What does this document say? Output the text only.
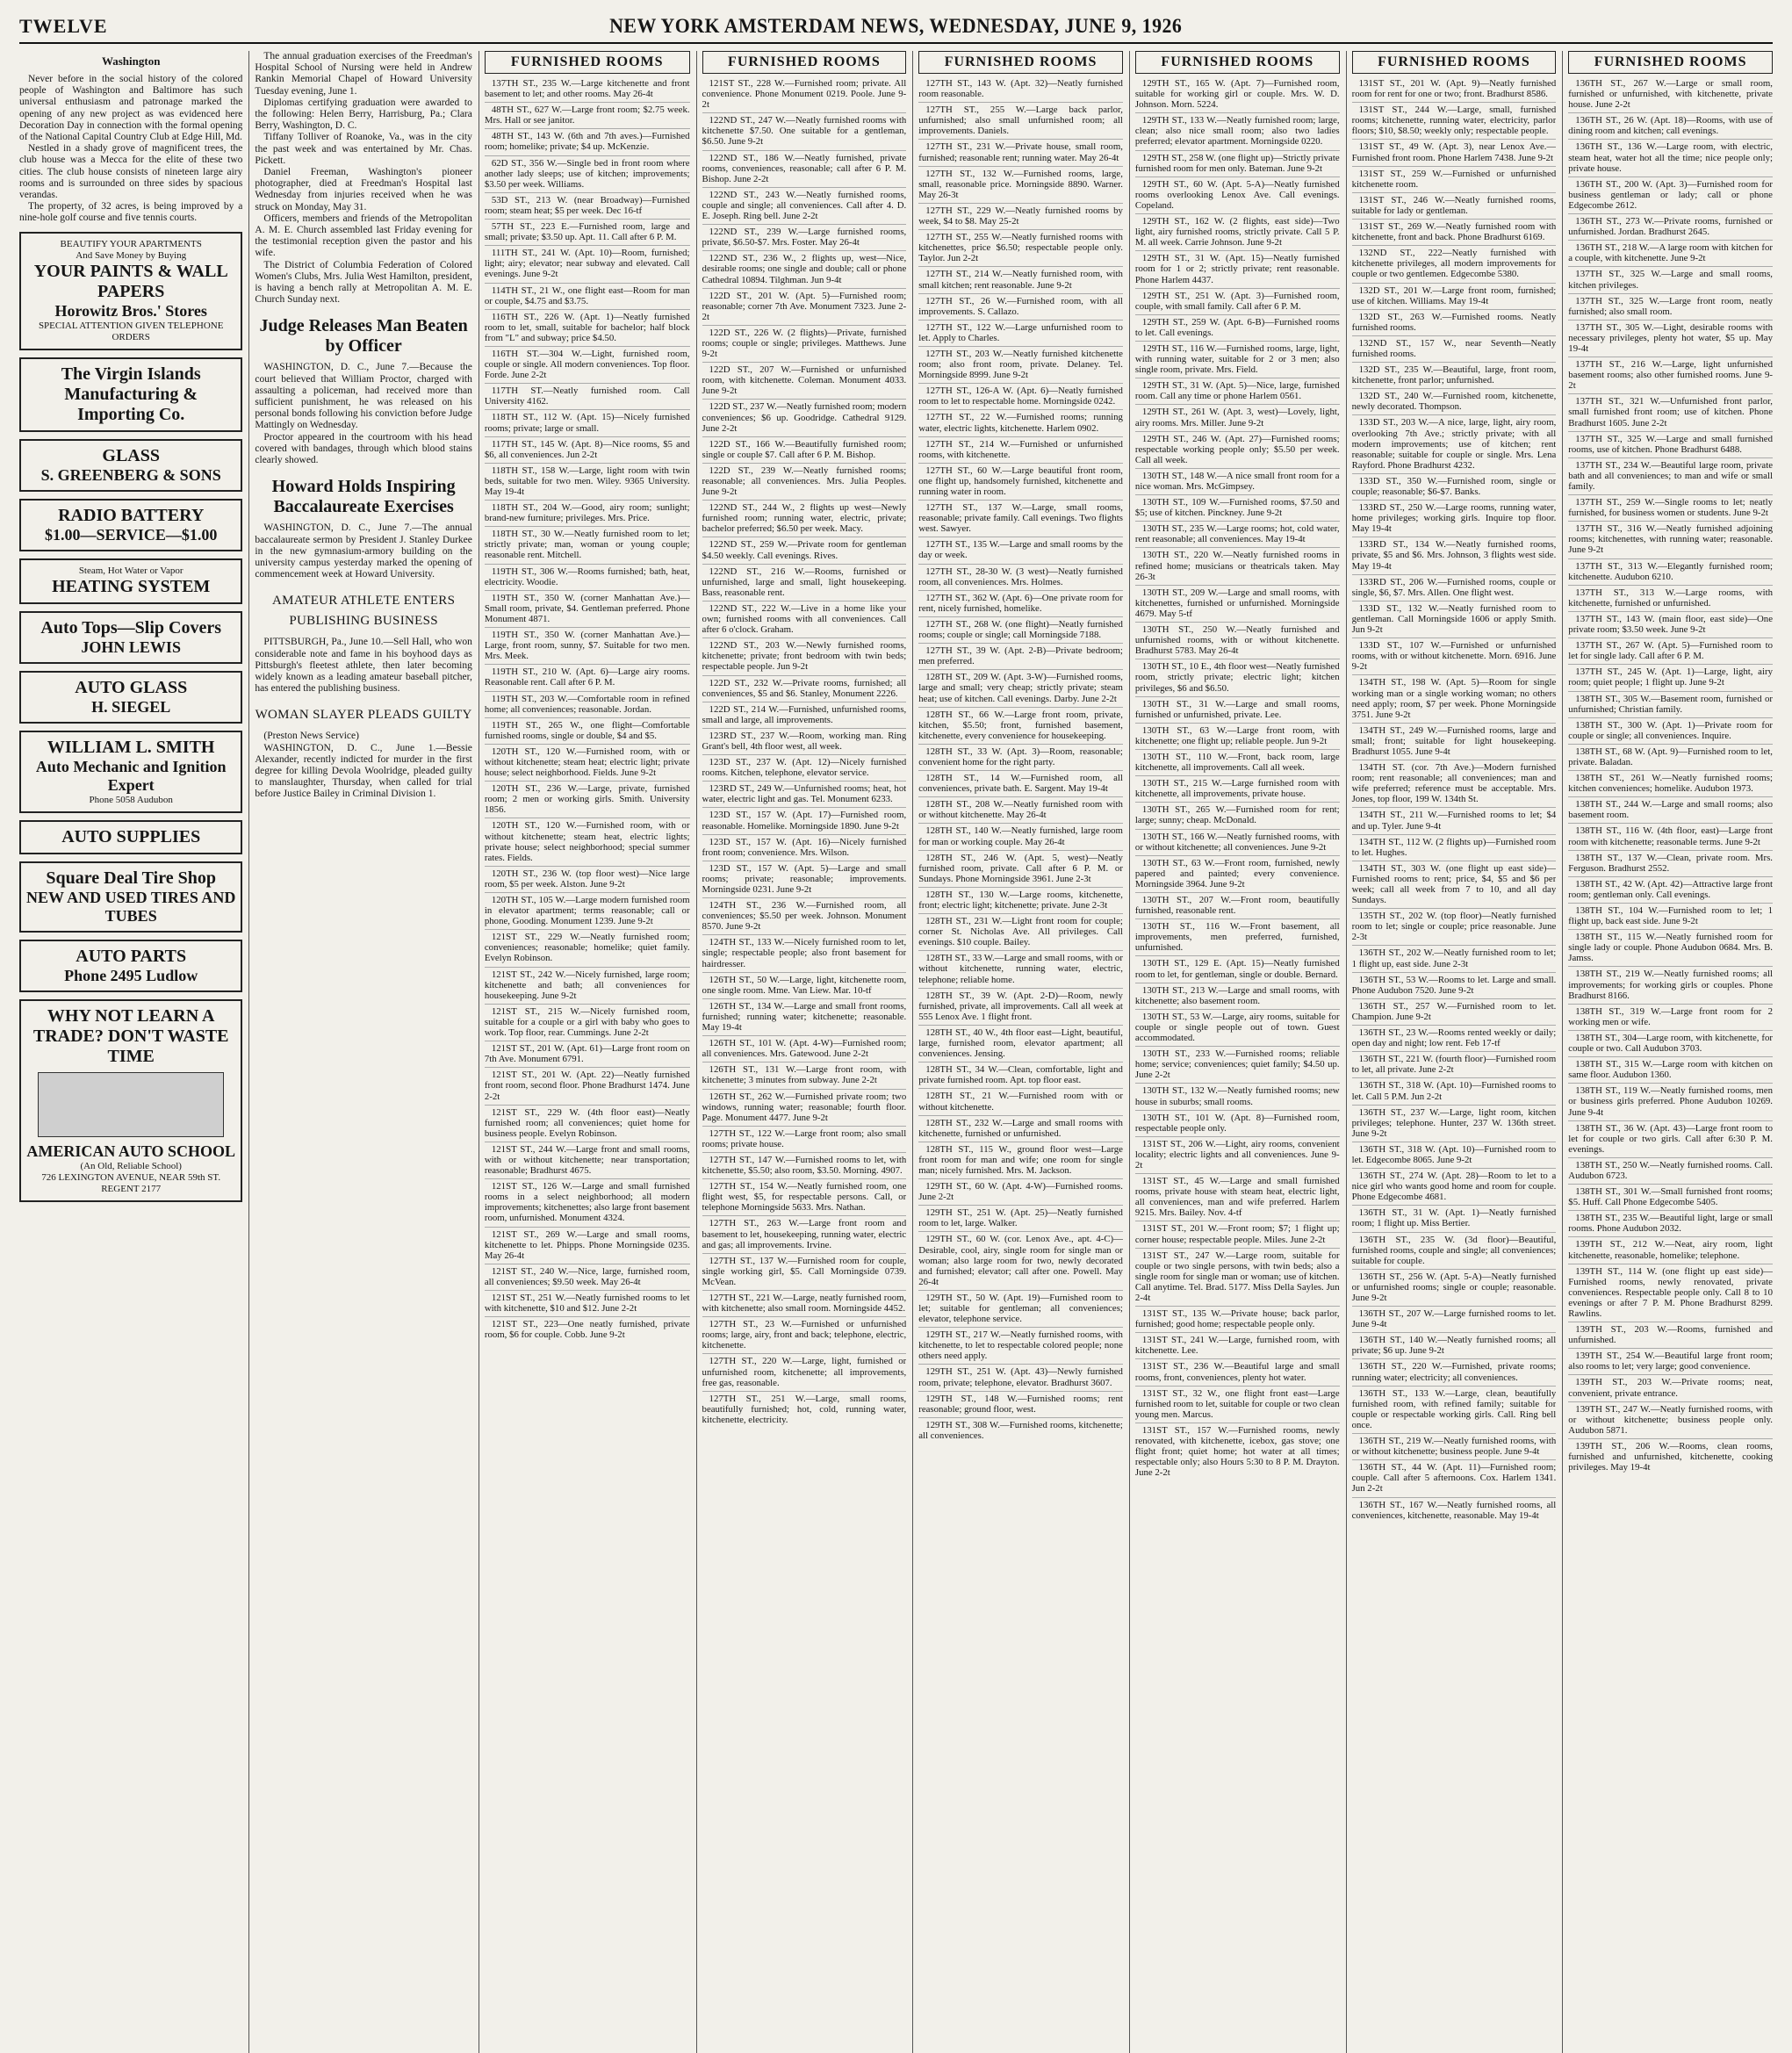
TWELVE	NEW YORK AMSTERDAM NEWS, WEDNESDAY, JUNE 9, 1926
Washington

Never before in the social history of the colored people of Washington and Baltimore has such universal enthusiasm and patronage marked the opening of any new project as was evidenced here Decoration Day in connection with the formal opening of the National Capital Country Club at Edge Hill, Md.

Nestled in a shady grove of magnificent trees, the club house was a Mecca for the elite of these two cities. The club house consists of nineteen large airy rooms and is surrounded on three sides by spacious verandas.

The property, of 32 acres, is being improved by a nine-hole golf course and five tennis courts.

BEAUTIFY YOUR APARTMENTS
And Save Money by Buying
YOUR PAINTS & WALL PAPERS
Horowitz Bros.' Stores
SPECIAL ATTENTION GIVEN TELEPHONE ORDERS
The Virgin Islands Manufacturing & Importing Co.
GLASS
S. GREENBERG & SONS
RADIO BATTERY
$1.00—SERVICE—$1.00
Steam, Hot Water or Vapor
HEATING SYSTEM
Auto Tops—Slip Covers
JOHN LEWIS
AUTO GLASS
H. SIEGEL
WILLIAM L. SMITH
Auto Mechanic and Ignition Expert
Phone 5058 Audubon
AUTO SUPPLIES
Square Deal Tire Shop
NEW AND USED TIRES AND TUBES
AUTO PARTS
Phone 2495 Ludlow
WHY NOT LEARN A TRADE? DON'T WASTE TIME
AMERICAN AUTO SCHOOL
(An Old, Reliable School)
726 LEXINGTON AVENUE, NEAR 59th ST. REGENT 2177

The annual graduation exercises of the Freedman's Hospital School of Nursing were held in Andrew Rankin Memorial Chapel of Howard University Tuesday evening, June 1.

Diplomas certifying graduation were awarded to the following: Helen Berry, Harrisburg, Pa.; Clara Berry, Washington, D. C.

Tiffany Tolliver of Roanoke, Va., was in the city the past week and was entertained by Mr. Chas. Pickett.

Daniel Freeman, Washington's pioneer photographer, died at Freedman's Hospital last Wednesday from injuries received when he was struck on Monday, May 31.

Officers, members and friends of the Metropolitan A. M. E. Church assembled last Friday evening for the testimonial reception given the pastor and his wife.

The District of Columbia Federation of Colored Women's Clubs, Mrs. Julia West Hamilton, president, is having a bench rally at Metropolitan A. M. E. Church Sunday next.

Judge Releases Man Beaten by Officer

WASHINGTON, D. C., June 7.—Because the court believed that William Proctor, charged with assaulting a policeman, had received more than sufficient punishment, he was released on his personal bonds following his conviction before Judge Mattingly on Wednesday.

Proctor appeared in the courtroom with his head covered with bandages, through which blood stains clearly showed.

Howard Holds Inspiring Baccalaureate Exercises

WASHINGTON, D. C., June 7.—The annual baccalaureate sermon by President J. Stanley Durkee in the new gymnasium-armory building on the university campus yesterday marked the opening of commencement week at Howard University.

AMATEUR ATHLETE ENTERS PUBLISHING BUSINESS

PITTSBURGH, Pa., June 10.—Sell Hall, who won considerable note and fame in his boyhood days as Pittsburgh's fleetest athlete, then later becoming widely known as a leading amateur baseball pitcher, has entered the publishing business.

WOMAN SLAYER PLEADS GUILTY

(Preston News Service)

WASHINGTON, D. C., June 1.—Bessie Alexander, recently indicted for murder in the first degree for killing Devola Woolridge, pleaded guilty to manslaughter, Thursday, when called for trial before Justice Bailey in Criminal Division 1.

FURNISHED ROOMS

137TH ST., 235 W.—Large kitchenette and front basement to let; and other rooms. May 26-4t

48TH ST., 627 W.—Large front room; $2.75 week. Mrs. Hall or see janitor.

48TH ST., 143 W. (6th and 7th aves.)—Furnished room; homelike; private; $4 up. McKenzie.

62D ST., 356 W.—Single bed in front room where another lady sleeps; use of kitchen; improvements; $3.50 per week. Williams.

53D ST., 213 W. (near Broadway)—Furnished room; steam heat; $5 per week. Dec 16-tf

57TH ST., 223 E.—Furnished room, large and small; private; $3.50 up. Apt. 11. Call after 6 P. M.

111TH ST., 241 W. (Apt. 10)—Room, furnished; light; airy; elevator; near subway and elevated. Call evenings. June 9-2t

114TH ST., 21 W., one flight east—Room for man or couple, $4.75 and $3.75.

116TH ST., 226 W. (Apt. 1)—Neatly furnished room to let, small, suitable for bachelor; half block from "L" and subway; price $4.50.

116TH ST.—304 W.—Light, furnished room, couple or single. All modern conveniences. Top floor. Forde. June 2-2t

117TH ST.—Neatly furnished room. Call University 4162.

118TH ST., 112 W. (Apt. 15)—Nicely furnished rooms; private; large or small.

117TH ST., 145 W. (Apt. 8)—Nice rooms, $5 and $6, all conveniences. Jun 2-2t

118TH ST., 158 W.—Large, light room with twin beds, suitable for two men. Wiley. 9365 University. May 19-4t

118TH ST., 204 W.—Good, airy room; sunlight; brand-new furniture; privileges. Mrs. Price.

118TH ST., 30 W.—Neatly furnished room to let; strictly private; man, woman or young couple; reasonable rent. Mitchell.

119TH ST., 306 W.—Rooms furnished; bath, heat, electricity. Woodie.

119TH ST., 350 W. (corner Manhattan Ave.)—Small room, private, $4. Gentleman preferred. Phone Monument 4871.

119TH ST., 350 W. (corner Manhattan Ave.)—Large, front room, sunny, $7. Suitable for two men. Mrs. Meek.

119TH ST., 210 W. (Apt. 6)—Large airy rooms. Reasonable rent. Call after 6 P. M.

119TH ST., 203 W.—Comfortable room in refined home; all conveniences; reasonable. Jordan.

119TH ST., 265 W., one flight—Comfortable furnished rooms, single or double, $4 and $5.

120TH ST., 120 W.—Furnished room, with or without kitchenette; steam heat; electric light; private house; select neighborhood. Fields. June 9-2t

120TH ST., 236 W.—Large, private, furnished room; 2 men or working girls. Smith. University 1856.

120TH ST., 120 W.—Furnished room, with or without kitchenette; steam heat, electric lights; private house; select neighborhood; special summer rates. Fields.

120TH ST., 236 W. (top floor west)—Nice large room, $5 per week. Alston. June 9-2t

120TH ST., 105 W.—Large modern furnished room in elevator apartment; terms reasonable; call or phone, Gooding. Monument 1239. June 9-2t

121ST ST., 229 W.—Neatly furnished room; conveniences; reasonable; homelike; quiet family. Evelyn Robinson.

121ST ST., 242 W.—Nicely furnished, large room; kitchenette and bath; all conveniences for housekeeping. June 9-2t

121ST ST., 215 W.—Nicely furnished room, suitable for a couple or a girl with baby who goes to work. Top floor, rear. Cummings. June 2-2t

121ST ST., 201 W. (Apt. 61)—Large front room on 7th Ave. Monument 6791.

121ST ST., 201 W. (Apt. 22)—Neatly furnished front room, second floor. Phone Bradhurst 1474. June 2-2t

121ST ST., 229 W. (4th floor east)—Neatly furnished room; all conveniences; quiet home for business people. Evelyn Robinson.

121ST ST., 244 W.—Large front and small rooms, with or without kitchenette; near transportation; reasonable; Bradhurst 4675.

121ST ST., 126 W.—Large and small furnished rooms in a select neighborhood; all modern improvements; kitchenettes; also large front basement room, unfurnished. Monument 4324.

121ST ST., 269 W.—Large and small rooms, kitchenette to let. Phipps. Phone Morningside 0235. May 26-4t

121ST ST., 240 W.—Nice, large, furnished room, all conveniences; $9.50 week. May 26-4t

121ST ST., 251 W.—Neatly furnished rooms to let with kitchenette, $10 and $12. June 2-2t

121ST ST., 223—One neatly furnished, private room, $6 for couple. Cobb. June 9-2t

FURNISHED ROOMS

121ST ST., 228 W.—Furnished room; private. All convenience. Phone Monument 0219. Poole. June 9-2t

122ND ST., 247 W.—Neatly furnished rooms with kitchenette $7.50. One suitable for a gentleman, $6.50. June 9-2t

122ND ST., 186 W.—Neatly furnished, private rooms, conveniences, reasonable; call after 6 P. M. Bishop. June 2-2t

122ND ST., 243 W.—Neatly furnished rooms, couple and single; all conveniences. Call after 4. D. E. Joseph. Ring bell. June 2-2t

122ND ST., 239 W.—Large furnished rooms, private, $6.50-$7. Mrs. Foster. May 26-4t

122ND ST., 236 W., 2 flights up, west—Nice, desirable rooms; one single and double; call or phone Cathedral 10894. Tilghman. Jun 9-4t

122D ST., 201 W. (Apt. 5)—Furnished room; reasonable; corner 7th Ave. Monument 7323. June 2-2t

122D ST., 226 W. (2 flights)—Private, furnished rooms; couple or single; privileges. Matthews. June 9-2t

122D ST., 207 W.—Furnished or unfurnished room, with kitchenette. Coleman. Monument 4033. June 9-2t

122D ST., 237 W.—Neatly furnished room; modern conveniences; $6 up. Goodridge. Cathedral 9129. June 2-2t

122D ST., 166 W.—Beautifully furnished room; single or couple $7. Call after 6 P. M. Bishop.

122D ST., 239 W.—Neatly furnished rooms; reasonable; all conveniences. Mrs. Julia Peoples. June 9-2t

122ND ST., 244 W., 2 flights up west—Newly furnished room; running water, electric, private; bachelor preferred; $6.50 per week. Macy.

122ND ST., 259 W.—Private room for gentleman $4.50 weekly. Call evenings. Rives.

122ND ST., 216 W.—Rooms, furnished or unfurnished, large and small, light housekeeping. Bass, reasonable rent.

122ND ST., 222 W.—Live in a home like your own; furnished rooms with all conveniences. Call after 6 o'clock. Graham.

122ND ST., 203 W.—Newly furnished rooms, kitchenette; private; front bedroom with twin beds; respectable people. Jun 9-2t

122D ST., 232 W.—Private rooms, furnished; all conveniences, $5 and $6. Stanley, Monument 2226.

122D ST., 214 W.—Furnished, unfurnished rooms, small and large, all improvements.

123RD ST., 237 W.—Room, working man. Ring Grant's bell, 4th floor west, all week.

123D ST., 237 W. (Apt. 12)—Nicely furnished rooms. Kitchen, telephone, elevator service.

123RD ST., 249 W.—Unfurnished rooms; heat, hot water, electric light and gas. Tel. Monument 6233.

123D ST., 157 W. (Apt. 17)—Furnished room, reasonable. Homelike. Morningside 1890. June 9-2t

123D ST., 157 W. (Apt. 16)—Nicely furnished front room; convenience. Mrs. Wilson.

123D ST., 157 W. (Apt. 5)—Large and small rooms; private; reasonable; improvements. Morningside 0231. June 9-2t

124TH ST., 236 W.—Furnished room, all conveniences; $5.50 per week. Johnson. Monument 8570. June 9-2t

124TH ST., 133 W.—Nicely furnished room to let, single; respectable people; also front basement for hairdresser.

126TH ST., 50 W.—Large, light, kitchenette room, one single room. Mme. Van Liew. Mar. 10-tf

126TH ST., 134 W.—Large and small front rooms, furnished; running water; kitchenette; reasonable. May 19-4t

126TH ST., 101 W. (Apt. 4-W)—Furnished room; all conveniences. Mrs. Gatewood. June 2-2t

126TH ST., 131 W.—Large front room, with kitchenette; 3 minutes from subway. June 2-2t

126TH ST., 262 W.—Furnished private room; two windows, running water; reasonable; fourth floor. Page. Monument 4477. June 9-2t

127TH ST., 122 W.—Large front room; also small rooms; private house.

127TH ST., 147 W.—Furnished rooms to let, with kitchenette, $5.50; also room, $3.50. Morning. 4907.

127TH ST., 154 W.—Neatly furnished room, one flight west, $5, for respectable persons. Call, or telephone Morningside 5633. Mrs. Nathan.

127TH ST., 263 W.—Large front room and basement to let, housekeeping, running water, electric and gas; all improvements. Irvine.

127TH ST., 137 W.—Furnished room for couple, single working girl, $5. Call Morningside 0739. McVean.

127TH ST., 221 W.—Large, neatly furnished room, with kitchenette; also small room. Morningside 4452.

127TH ST., 23 W.—Furnished or unfurnished rooms; large, airy, front and back; telephone, electric, kitchenette.

127TH ST., 220 W.—Large, light, furnished or unfurnished room, kitchenette; all improvements, free gas, reasonable.

127TH ST., 251 W.—Large, small rooms, beautifully furnished; hot, cold, running water, kitchenette, electricity.

FURNISHED ROOMS

127TH ST., 143 W. (Apt. 32)—Neatly furnished room reasonable.

127TH ST., 255 W.—Large back parlor, unfurnished; also small unfurnished room; all improvements. Daniels.

127TH ST., 231 W.—Private house, small room, furnished; reasonable rent; running water. May 26-4t

127TH ST., 132 W.—Furnished rooms, large, small, reasonable price. Morningside 8890. Warner. May 26-3t

127TH ST., 229 W.—Neatly furnished rooms by week, $4 to $8. May 25-2t

127TH ST., 255 W.—Neatly furnished rooms with kitchenettes, price $6.50; respectable people only. Taylor. Jun 2-2t

127TH ST., 214 W.—Neatly furnished room, with small kitchen; rent reasonable. June 9-2t

127TH ST., 26 W.—Furnished room, with all improvements. S. Callazo.

127TH ST., 122 W.—Large unfurnished room to let. Apply to Charles.

127TH ST., 203 W.—Neatly furnished kitchenette room; also front room, private. Delaney. Tel. Morningside 8999. June 9-2t

127TH ST., 126-A W. (Apt. 6)—Neatly furnished room to let to respectable home. Morningside 0242.

127TH ST., 22 W.—Furnished rooms; running water, electric lights, kitchenette. Harlem 0902.

127TH ST., 214 W.—Furnished or unfurnished rooms, with kitchenette.

127TH ST., 60 W.—Large beautiful front room, one flight up, handsomely furnished, kitchenette and running water in room.

127TH ST., 137 W.—Large, small rooms, reasonable; private family. Call evenings. Two flights west. Sawyer.

127TH ST., 135 W.—Large and small rooms by the day or week.

127TH ST., 28-30 W. (3 west)—Neatly furnished room, all conveniences. Mrs. Holmes.

127TH ST., 362 W. (Apt. 6)—One private room for rent, nicely furnished, homelike.

127TH ST., 268 W. (one flight)—Neatly furnished rooms; couple or single; call Morningside 7188.

127TH ST., 39 W. (Apt. 2-B)—Private bedroom; men preferred.

128TH ST., 209 W. (Apt. 3-W)—Furnished rooms, large and small; very cheap; strictly private; steam heat; use of kitchen. Call evenings. Darby. June 2-2t

128TH ST., 66 W.—Large front room, private, kitchen, $5.50; front, furnished basement, kitchenette, every convenience for housekeeping.

128TH ST., 33 W. (Apt. 3)—Room, reasonable; convenient home for the right party.

128TH ST., 14 W.—Furnished room, all conveniences, private bath. E. Sargent. May 19-4t

128TH ST., 208 W.—Neatly furnished room with or without kitchenette. May 26-4t

128TH ST., 140 W.—Neatly furnished, large room for man or working couple. May 26-4t

128TH ST., 246 W. (Apt. 5, west)—Neatly furnished room, private. Call after 6 P. M. or Sundays. Phone Morningside 3961. June 2-3t

128TH ST., 130 W.—Large rooms, kitchenette, front; electric light; kitchenette; private. June 2-3t

128TH ST., 231 W.—Light front room for couple; corner St. Nicholas Ave. All privileges. Call evenings. $10 couple. Bailey.

128TH ST., 33 W.—Large and small rooms, with or without kitchenette, running water, electric, telephone; reliable home.

128TH ST., 39 W. (Apt. 2-D)—Room, newly furnished, private, all improvements. Call all week at 555 Lenox Ave. 1 flight front.

128TH ST., 40 W., 4th floor east—Light, beautiful, large, furnished room, elevator apartment; all conveniences. Jensing.

128TH ST., 34 W.—Clean, comfortable, light and private furnished room. Apt. top floor east.

128TH ST., 21 W.—Furnished room with or without kitchenette.

128TH ST., 232 W.—Large and small rooms with kitchenette, furnished or unfurnished.

128TH ST., 115 W., ground floor west—Large front room for man and wife; one room for single man; nicely furnished. Mrs. M. Jackson.

129TH ST., 60 W. (Apt. 4-W)—Furnished rooms. June 2-2t

129TH ST., 251 W. (Apt. 25)—Neatly furnished room to let, large. Walker.

129TH ST., 60 W. (cor. Lenox Ave., apt. 4-C)—Desirable, cool, airy, single room for single man or woman; also large room for two, newly decorated and furnished; elevator; call after one. Powell. May 26-4t

129TH ST., 50 W. (Apt. 19)—Furnished room to let; suitable for gentleman; all conveniences; elevator, telephone service.

129TH ST., 217 W.—Neatly furnished rooms, with kitchenette, to let to respectable colored people; none others need apply.

129TH ST., 251 W. (Apt. 43)—Newly furnished room, private; telephone, elevator. Bradhurst 3607.

129TH ST., 148 W.—Furnished rooms; rent reasonable; ground floor, west.

129TH ST., 308 W.—Furnished rooms, kitchenette; all conveniences.

FURNISHED ROOMS

129TH ST., 165 W. (Apt. 7)—Furnished room, suitable for working girl or couple. Mrs. W. D. Johnson. Morn. 5224.

129TH ST., 133 W.—Neatly furnished room; large, clean; also nice small room; also two ladies preferred; elevator apartment. Morningside 0220.

129TH ST., 258 W. (one flight up)—Strictly private furnished room for men only. Bateman. June 9-2t

129TH ST., 60 W. (Apt. 5-A)—Neatly furnished rooms overlooking Lenox Ave. Call evenings. Copeland.

129TH ST., 162 W. (2 flights, east side)—Two light, airy furnished rooms, strictly private. Call 5 P. M. all week. Carrie Johnson. June 9-2t

129TH ST., 31 W. (Apt. 15)—Neatly furnished room for 1 or 2; strictly private; rent reasonable. Phone Harlem 4437.

129TH ST., 251 W. (Apt. 3)—Furnished room, couple, with small family. Call after 6 P. M.

129TH ST., 259 W. (Apt. 6-B)—Furnished rooms to let. Call evenings.

129TH ST., 116 W.—Furnished rooms, large, light, with running water, suitable for 2 or 3 men; also single room, private. Mrs. Field.

129TH ST., 31 W. (Apt. 5)—Nice, large, furnished room. Call any time or phone Harlem 0561.

129TH ST., 261 W. (Apt. 3, west)—Lovely, light, airy rooms. Mrs. Miller. June 9-2t

129TH ST., 246 W. (Apt. 27)—Furnished rooms; respectable working people only; $5.50 per week. Call all week.

130TH ST., 148 W.—A nice small front room for a nice woman. Mrs. McGimpsey.

130TH ST., 109 W.—Furnished rooms, $7.50 and $5; use of kitchen. Pinckney. June 9-2t

130TH ST., 235 W.—Large rooms; hot, cold water, rent reasonable; all conveniences. May 19-4t

130TH ST., 220 W.—Neatly furnished rooms in refined home; musicians or theatricals taken. May 26-3t

130TH ST., 209 W.—Large and small rooms, with kitchenettes, furnished or unfurnished. Morningside 4679. May 5-tf

130TH ST., 250 W.—Neatly furnished and unfurnished rooms, with or without kitchenette. Bradhurst 5783. May 26-4t

130TH ST., 10 E., 4th floor west—Neatly furnished room, strictly private; electric light; kitchen privileges, $6 and $6.50.

130TH ST., 31 W.—Large and small rooms, furnished or unfurnished, private. Lee.

130TH ST., 63 W.—Large front room, with kitchenette; one flight up; reliable people. Jun 9-2t

130TH ST., 110 W.—Front, back room, large kitchenette, all improvements. Call all week.

130TH ST., 215 W.—Large furnished room with kitchenette, all improvements, private house.

130TH ST., 265 W.—Furnished room for rent; large; sunny; cheap. McDonald.

130TH ST., 166 W.—Neatly furnished rooms, with or without kitchenette; all conveniences. June 9-2t

130TH ST., 63 W.—Front room, furnished, newly papered and painted; every convenience. Morningside 3964. June 9-2t

130TH ST., 207 W.—Front room, beautifully furnished, reasonable rent.

130TH ST., 116 W.—Front basement, all improvements, men preferred, furnished, unfurnished.

130TH ST., 129 E. (Apt. 15)—Neatly furnished room to let, for gentleman, single or double. Bernard.

130TH ST., 213 W.—Large and small rooms, with kitchenette; also basement room.

130TH ST., 53 W.—Large, airy rooms, suitable for couple or single people out of town. Guest accommodated.

130TH ST., 233 W.—Furnished rooms; reliable home; service; conveniences; quiet family; $4.50 up. June 2-2t

130TH ST., 132 W.—Neatly furnished rooms; new house in suburbs; small rooms.

130TH ST., 101 W. (Apt. 8)—Furnished room, respectable people only.

131ST ST., 206 W.—Light, airy rooms, convenient locality; electric lights and all conveniences. June 9-2t

131ST ST., 45 W.—Large and small furnished rooms, private house with steam heat, electric light, all conveniences, man and wife preferred. Harlem 9215. Mrs. Bailey. Nov. 4-tf

131ST ST., 201 W.—Front room; $7; 1 flight up; corner house; respectable people. Miles. June 2-2t

131ST ST., 247 W.—Large room, suitable for couple or two single persons, with twin beds; also a single room for single man or woman; use of kitchen. Call anytime. Tel. Brad. 5177. Miss Della Sayles. Jun 2-4t

131ST ST., 135 W.—Private house; back parlor, furnished; good home; respectable people only.

131ST ST., 241 W.—Large, furnished room, with kitchenette. Lee.

131ST ST., 236 W.—Beautiful large and small rooms, front, conveniences, plenty hot water.

131ST ST., 32 W., one flight front east—Large furnished room to let, suitable for couple or two clean young men. Marcus.

131ST ST., 157 W.—Furnished rooms, newly renovated, with kitchenette, icebox, gas stove; one flight front; quiet home; hot water at all times; respectable only; also Hours 5:30 to 8 P. M. Drayton. June 2-2t

FURNISHED ROOMS

131ST ST., 201 W. (Apt. 9)—Neatly furnished room for rent for one or two; front. Bradhurst 8586.

131ST ST., 244 W.—Large, small, furnished rooms; kitchenette, running water, electricity, parlor floors; $10, $8.50; weekly only; respectable people.

131ST ST., 49 W. (Apt. 3), near Lenox Ave.—Furnished front room. Phone Harlem 7438. June 9-2t

131ST ST., 259 W.—Furnished or unfurnished kitchenette room.

131ST ST., 246 W.—Neatly furnished rooms, suitable for lady or gentleman.

131ST ST., 269 W.—Neatly furnished room with kitchenette, front and back. Phone Bradhurst 6169.

132ND ST., 222—Neatly furnished with kitchenette privileges, all modern improvements for couple or two gentlemen. Edgecombe 5380.

132D ST., 201 W.—Large front room, furnished; use of kitchen. Williams. May 19-4t

132D ST., 263 W.—Furnished rooms. Neatly furnished rooms.

132ND ST., 157 W., near Seventh—Neatly furnished rooms.

132D ST., 235 W.—Beautiful, large, front room, kitchenette, front parlor; unfurnished.

132D ST., 240 W.—Furnished room, kitchenette, newly decorated. Thompson.

133D ST., 203 W.—A nice, large, light, airy room, overlooking 7th Ave.; strictly private; with all modern improvements; use of kitchen; rent reasonable; suitable for couple or single. Mrs. Lena Rayford. Phone Bradhurst 4232.

133D ST., 350 W.—Furnished room, single or couple; reasonable; $6-$7. Banks.

133RD ST., 250 W.—Large rooms, running water, home privileges; working girls. Inquire top floor. May 19-4t

133RD ST., 134 W.—Neatly furnished rooms, private, $5 and $6. Mrs. Johnson, 3 flights west side. May 19-4t

133RD ST., 206 W.—Furnished rooms, couple or single, $6, $7. Mrs. Allen. One flight west.

133D ST., 132 W.—Neatly furnished room to gentleman. Call Morningside 1606 or apply Smith. Jun 9-2t

133D ST., 107 W.—Furnished or unfurnished rooms, with or without kitchenette. Morn. 6916. June 9-2t

134TH ST., 198 W. (Apt. 5)—Room for single working man or a single working woman; no others need apply; room, $7 per week. Phone Morningside 3751. June 9-2t

134TH ST., 249 W.—Furnished rooms, large and small; front; suitable for light housekeeping. Bradhurst 1055. June 9-4t

134TH ST. (cor. 7th Ave.)—Modern furnished room; rent reasonable; all conveniences; man and wife preferred; reference must be acceptable. Mrs. Jones, top floor, 199 W. 134th St.

134TH ST., 211 W.—Furnished rooms to let; $4 and up. Tyler. June 9-4t

134TH ST., 112 W. (2 flights up)—Furnished room to let. Hughes.

134TH ST., 303 W. (one flight up east side)—Furnished rooms to rent; price, $4, $5 and $6 per week; call all week from 7 to 10, and all day Sundays.

135TH ST., 202 W. (top floor)—Neatly furnished room to let; single or couple; price reasonable. June 2-3t

136TH ST., 202 W.—Neatly furnished room to let; 1 flight up, east side. June 2-3t

136TH ST., 53 W.—Rooms to let. Large and small. Phone Audubon 7520. June 9-2t

136TH ST., 257 W.—Furnished room to let. Champion. June 9-2t

136TH ST., 23 W.—Rooms rented weekly or daily; open day and night; low rent. Feb 17-tf

136TH ST., 221 W. (fourth floor)—Furnished room to let, all private. June 2-2t

136TH ST., 318 W. (Apt. 10)—Furnished rooms to let. Call 5 P.M. Jun 2-2t

136TH ST., 237 W.—Large, light room, kitchen privileges; telephone. Hunter, 237 W. 136th street. June 9-2t

136TH ST., 318 W. (Apt. 10)—Furnished room to let. Edgecombe 8065. June 9-2t

136TH ST., 274 W. (Apt. 28)—Room to let to a nice girl who wants good home and room for couple. Phone Edgecombe 4681.

136TH ST., 31 W. (Apt. 1)—Neatly furnished room; 1 flight up. Miss Bertier.

136TH ST., 235 W. (3d floor)—Beautiful, furnished rooms, couple and single; all conveniences; suitable for couple.

136TH ST., 256 W. (Apt. 5-A)—Neatly furnished or unfurnished rooms; single or couple; reasonable. June 9-2t

136TH ST., 207 W.—Large furnished rooms to let. June 9-4t

136TH ST., 140 W.—Neatly furnished rooms; all private; $6 up. June 9-2t

136TH ST., 220 W.—Furnished, private rooms; running water; electricity; all conveniences.

136TH ST., 133 W.—Large, clean, beautifully furnished room, with refined family; suitable for couple or respectable working girls. Call. Ring bell once.

136TH ST., 219 W.—Neatly furnished rooms, with or without kitchenette; business people. June 9-4t

136TH ST., 44 W. (Apt. 11)—Furnished room; couple. Call after 5 afternoons. Cox. Harlem 1341. Jun 2-2t

136TH ST., 167 W.—Neatly furnished rooms, all conveniences, kitchenette, reasonable. May 19-4t

FURNISHED ROOMS

136TH ST., 267 W.—Large or small room, furnished or unfurnished, with kitchenette, private house. June 2-2t

136TH ST., 26 W. (Apt. 18)—Rooms, with use of dining room and kitchen; call evenings.

136TH ST., 136 W.—Large room, with electric, steam heat, water hot all the time; nice people only; private house.

136TH ST., 200 W. (Apt. 3)—Furnished room for business gentleman or lady; call or phone Edgecombe 2612.

136TH ST., 273 W.—Private rooms, furnished or unfurnished. Jordan. Bradhurst 2645.

136TH ST., 218 W.—A large room with kitchen for a couple, with kitchenette. June 9-2t

137TH ST., 325 W.—Large and small rooms, kitchen privileges.

137TH ST., 325 W.—Large front room, neatly furnished; also small room.

137TH ST., 305 W.—Light, desirable rooms with necessary privileges, plenty hot water, $5 up. May 19-4t

137TH ST., 216 W.—Large, light unfurnished basement rooms; also other furnished rooms. June 9-2t

137TH ST., 321 W.—Unfurnished front parlor, small furnished front room; use of kitchen. Phone Bradhurst 1605. June 2-2t

137TH ST., 325 W.—Large and small furnished rooms, use of kitchen. Phone Bradhurst 6488.

137TH ST., 234 W.—Beautiful large room, private bath and all conveniences; to man and wife or small family.

137TH ST., 259 W.—Single rooms to let; neatly furnished, for business women or students. June 9-2t

137TH ST., 316 W.—Neatly furnished adjoining rooms; kitchenettes, with running water; reasonable. June 9-2t

137TH ST., 313 W.—Elegantly furnished room; kitchenette. Audubon 6210.

137TH ST., 313 W.—Large rooms, with kitchenette, furnished or unfurnished.

137TH ST., 143 W. (main floor, east side)—One private room; $3.50 week. June 9-2t

137TH ST., 267 W. (Apt. 5)—Furnished room to let for single lady. Call after 6 P. M.

137TH ST., 245 W. (Apt. 1)—Large, light, airy room; quiet people; 1 flight up. June 9-2t

138TH ST., 305 W.—Basement room, furnished or unfurnished; Christian family.

138TH ST., 300 W. (Apt. 1)—Private room for couple or single; all conveniences. Inquire.

138TH ST., 68 W. (Apt. 9)—Furnished room to let, private. Baladan.

138TH ST., 261 W.—Neatly furnished rooms; kitchen conveniences; homelike. Audubon 1973.

138TH ST., 244 W.—Large and small rooms; also basement room.

138TH ST., 116 W. (4th floor, east)—Large front room with kitchenette; reasonable terms. June 9-2t

138TH ST., 137 W.—Clean, private room. Mrs. Ferguson. Bradhurst 2552.

138TH ST., 42 W. (Apt. 42)—Attractive large front room; gentleman only. Call evenings.

138TH ST., 104 W.—Furnished room to let; 1 flight up, back east side. June 9-2t

138TH ST., 115 W.—Neatly furnished room for single lady or couple. Phone Audubon 0684. Mrs. B. Jamss.

138TH ST., 219 W.—Neatly furnished rooms; all improvements; for working girls or couples. Phone Bradhurst 8166.

138TH ST., 319 W.—Large front room for 2 working men or wife.

138TH ST., 304—Large room, with kitchenette, for couple or two. Call Audubon 3703.

138TH ST., 315 W.—Large room with kitchen on same floor. Audubon 1360.

138TH ST., 119 W.—Neatly furnished rooms, men or business girls preferred. Phone Audubon 10269. June 9-4t

138TH ST., 36 W. (Apt. 43)—Large front room to let for couple or two girls. Call after 6:30 P. M. evenings.

138TH ST., 250 W.—Neatly furnished rooms. Call. Audubon 6723.

138TH ST., 301 W.—Small furnished front rooms; $5. Huff. Call Phone Edgecombe 5405.

138TH ST., 235 W.—Beautiful light, large or small rooms. Phone Audubon 2032.

139TH ST., 212 W.—Neat, airy room, light kitchenette, reasonable, homelike; telephone.

139TH ST., 114 W. (one flight up east side)—Furnished rooms, newly renovated, private conveniences. Respectable people only. Call 8 to 10 evenings or after 7 P. M. Phone Bradhurst 8299. Rawlins.

139TH ST., 203 W.—Rooms, furnished and unfurnished.

139TH ST., 254 W.—Beautiful large front room; also rooms to let; very large; good convenience.

139TH ST., 203 W.—Private rooms; neat, convenient, private entrance.

139TH ST., 247 W.—Neatly furnished rooms, with or without kitchenette; business people only. Audubon 5871.

139TH ST., 206 W.—Rooms, clean rooms, furnished and unfurnished, kitchenette, cooking privileges. May 19-4t
